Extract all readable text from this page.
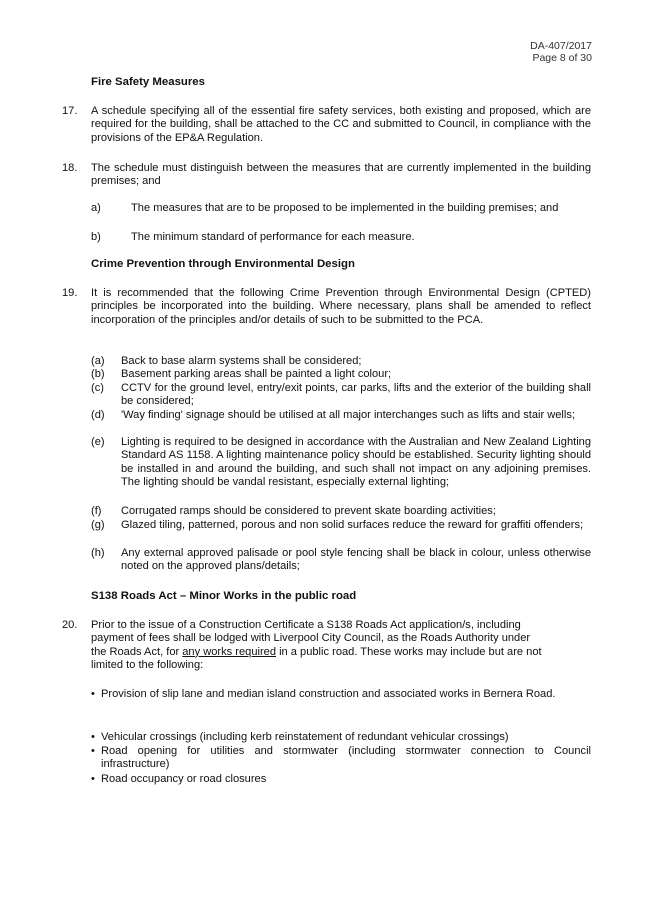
DA-407/2017
Page 8 of 30
Fire Safety Measures
17. A schedule specifying all of the essential fire safety services, both existing and proposed, which are required for the building, shall be attached to the CC and submitted to Council, in compliance with the provisions of the EP&A Regulation.
18. The schedule must distinguish between the measures that are currently implemented in the building premises; and
a)	The measures that are to be proposed to be implemented in the building premises; and
b)	The minimum standard of performance for each measure.
Crime Prevention through Environmental Design
19. It is recommended that the following Crime Prevention through Environmental Design (CPTED) principles be incorporated into the building. Where necessary, plans shall be amended to reflect incorporation of the principles and/or details of such to be submitted to the PCA.
(a) Back to base alarm systems shall be considered;
(b) Basement parking areas shall be painted a light colour;
(c) CCTV for the ground level, entry/exit points, car parks, lifts and the exterior of the building shall be considered;
(d) 'Way finding' signage should be utilised at all major interchanges such as lifts and stair wells;
(e) Lighting is required to be designed in accordance with the Australian and New Zealand Lighting Standard AS 1158. A lighting maintenance policy should be established. Security lighting should be installed in and around the building, and such shall not impact on any adjoining premises. The lighting should be vandal resistant, especially external lighting;
(f) Corrugated ramps should be considered to prevent skate boarding activities;
(g) Glazed tiling, patterned, porous and non solid surfaces reduce the reward for graffiti offenders;
(h) Any external approved palisade or pool style fencing shall be black in colour, unless otherwise noted on the approved plans/details;
S138 Roads Act – Minor Works in the public road
20. Prior to the issue of a Construction Certificate a S138 Roads Act application/s, including
payment of fees shall be lodged with Liverpool City Council, as the Roads Authority under
the Roads Act, for any works required in a public road. These works may include but are not
limited to the following:
• Provision of slip lane and median island construction and associated works in Bernera Road.
• Vehicular crossings (including kerb reinstatement of redundant vehicular crossings)
• Road opening for utilities and stormwater (including stormwater connection to Council infrastructure)
• Road occupancy or road closures
